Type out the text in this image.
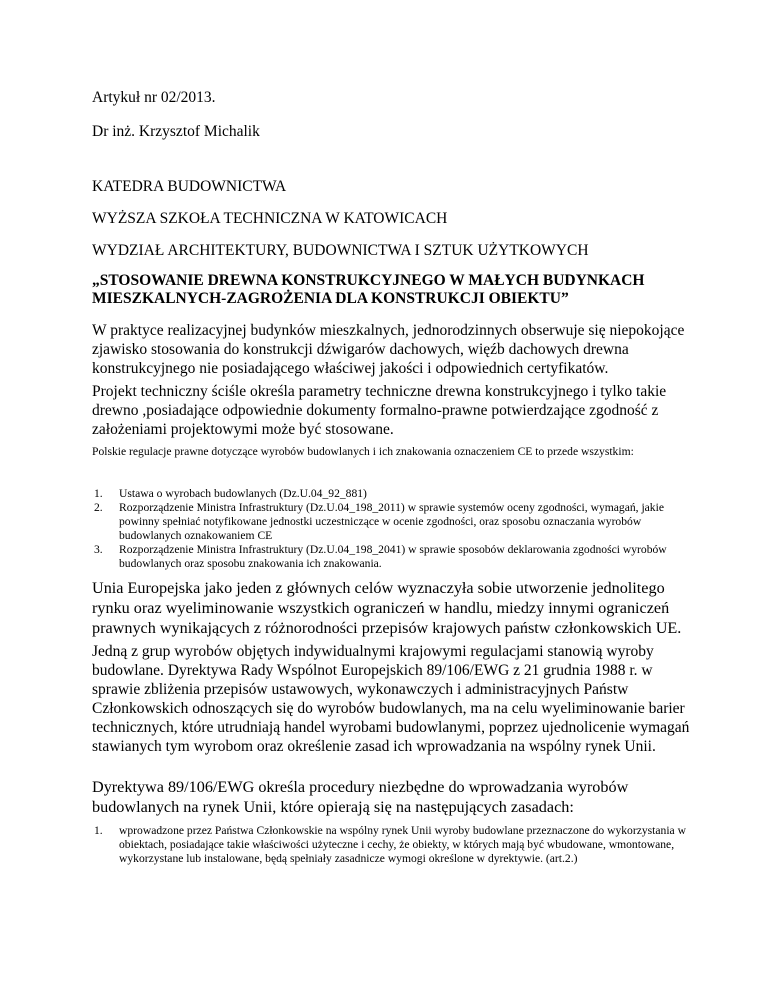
Artykuł nr 02/2013.

Dr inż. Krzysztof Michalik

KATEDRA BUDOWNICTWA

WYŻSZA SZKOŁA TECHNICZNA W KATOWICACH

WYDZIAŁ ARCHITEKTURY, BUDOWNICTWA I SZTUK UŻYTKOWYCH

„STOSOWANIE DREWNA KONSTRUKCYJNEGO W MAŁYCH BUDYNKACH
MIESZKALNYCH-ZAGROŻENIA DLA KONSTRUKCJI OBIEKTU”

W praktyce realizacyjnej budynków mieszkalnych, jednorodzinnych obserwuje się niepokojące zjawisko stosowania do konstrukcji dźwigarów dachowych, więźb dachowych drewna konstrukcyjnego nie posiadającego właściwej jakości i odpowiednich certyfikatów.

Projekt techniczny ściśle określa parametry techniczne drewna konstrukcyjnego i tylko takie drewno ,posiadające odpowiednie dokumenty formalno-prawne potwierdzające zgodność z założeniami projektowymi może być stosowane.

Polskie regulacje prawne dotyczące wyrobów budowlanych i ich znakowania oznaczeniem CE to przede wszystkim:

1. Ustawa o wyrobach budowlanych (Dz.U.04_92_881)
2. Rozporządzenie Ministra Infrastruktury (Dz.U.04_198_2011) w sprawie systemów oceny zgodności, wymagań, jakie powinny spełniać notyfikowane jednostki uczestniczące w ocenie zgodności, oraz sposobu oznaczania wyrobów budowlanych oznakowaniem CE
3. Rozporządzenie Ministra Infrastruktury (Dz.U.04_198_2041) w sprawie sposobów deklarowania zgodności wyrobów budowlanych oraz sposobu znakowania ich znakowania.

Unia Europejska jako jeden z głównych celów wyznaczyła sobie utworzenie jednolitego rynku oraz wyeliminowanie wszystkich ograniczeń w handlu, miedzy innymi ograniczeń prawnych wynikających z różnorodności przepisów krajowych państw członkowskich UE.

Jedną z grup wyrobów objętych indywidualnymi krajowymi regulacjami stanowią wyroby budowlane. Dyrektywa Rady Wspólnot Europejskich 89/106/EWG z 21 grudnia 1988 r. w sprawie zbliżenia przepisów ustawowych, wykonawczych i administracyjnych Państw Członkowskich odnoszących się do wyrobów budowlanych, ma na celu wyeliminowanie barier technicznych, które utrudniają handel wyrobami budowlanymi, poprzez ujednolicenie wymagań stawianych tym wyrobom oraz określenie zasad ich wprowadzania na wspólny rynek Unii.

Dyrektywa 89/106/EWG określa procedury niezbędne do wprowadzania wyrobów budowlanych na rynek Unii, które opierają się na następujących zasadach:

1. wprowadzone przez Państwa Członkowskie na wspólny rynek Unii wyroby budowlane przeznaczone do wykorzystania w obiektach, posiadające takie właściwości użyteczne i cechy, że obiekty, w których mają być wbudowane, wmontowane, wykorzystane lub instalowane, będą spełniały zasadnicze wymogi określone w dyrektywie. (art.2.)
